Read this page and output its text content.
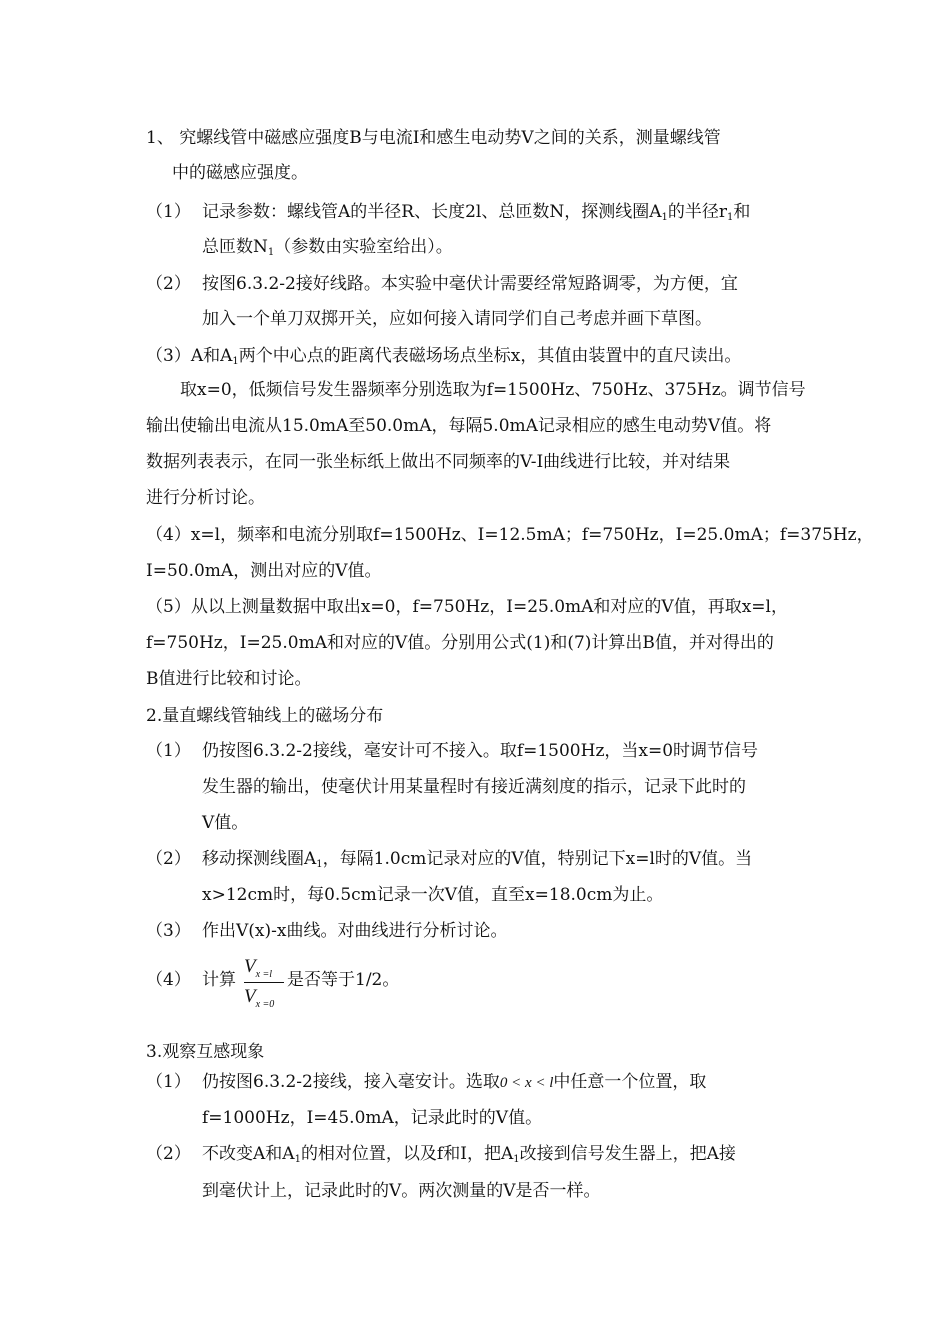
1、 究螺线管中磁感应强度B与电流I和感生电动势V之间的关系，测量螺线管
中的磁感应强度。
（1） 记录参数：螺线管A的半径R、长度2l、总匝数N，探测线圈$A_1$的半径$r_1$和
总匝数$N_1$（参数由实验室给出）。
（2） 按图6.3.2-2接好线路。本实验中毫伏计需要经常短路调零，为方便，宜
加入一个单刀双掷开关，应如何接入请同学们自己考虑并画下草图。
（3）A和$A_1$两个中心点的距离代表磁场场点坐标x，其值由装置中的直尺读出。
取x=0，低频信号发生器频率分别选取为f=1500Hz、750Hz、375Hz。调节信号
输出使输出电流从15.0mA至50.0mA，每隔5.0mA记录相应的感生电动势V值。将
数据列表表示，在同一张坐标纸上做出不同频率的V-I曲线进行比较，并对结果
进行分析讨论。
（4）x=l，频率和电流分别取f=1500Hz、I=12.5mA；f=750Hz，I=25.0mA；f=375Hz，
I=50.0mA，测出对应的V值。
（5）从以上测量数据中取出x=0，f=750Hz，I=25.0mA和对应的V值，再取x=l，
f=750Hz，I=25.0mA和对应的V值。分别用公式(1)和(7)计算出B值，并对得出的
B值进行比较和讨论。
2.量直螺线管轴线上的磁场分布
（1） 仍按图6.3.2-2接线，毫安计可不接入。取f=1500Hz，当x=0时调节信号
发生器的输出，使毫伏计用某量程时有接近满刻度的指示，记录下此时的
V值。
（2） 移动探测线圈$A_1$，每隔1.0cm记录对应的V值，特别记下x=l时的V值。当
x>12cm时，每0.5cm记录一次V值，直至x=18.0cm为止。
（3） 作出V(x)-x曲线。对曲线进行分析讨论。
（4） 计算
$V_{x =l}$
$V_{x =0}$
是否等于1/2。
3.观察互感现象
（1） 仍按图6.3.2-2接线，接入毫安计。选取0 < x < l中任意一个位置，取
f=1000Hz，I=45.0mA，记录此时的V值。
（2） 不改变A和$A_1$的相对位置，以及f和I，把$A_1$改接到信号发生器上，把A接
到毫伏计上，记录此时的V。两次测量的V是否一样。
